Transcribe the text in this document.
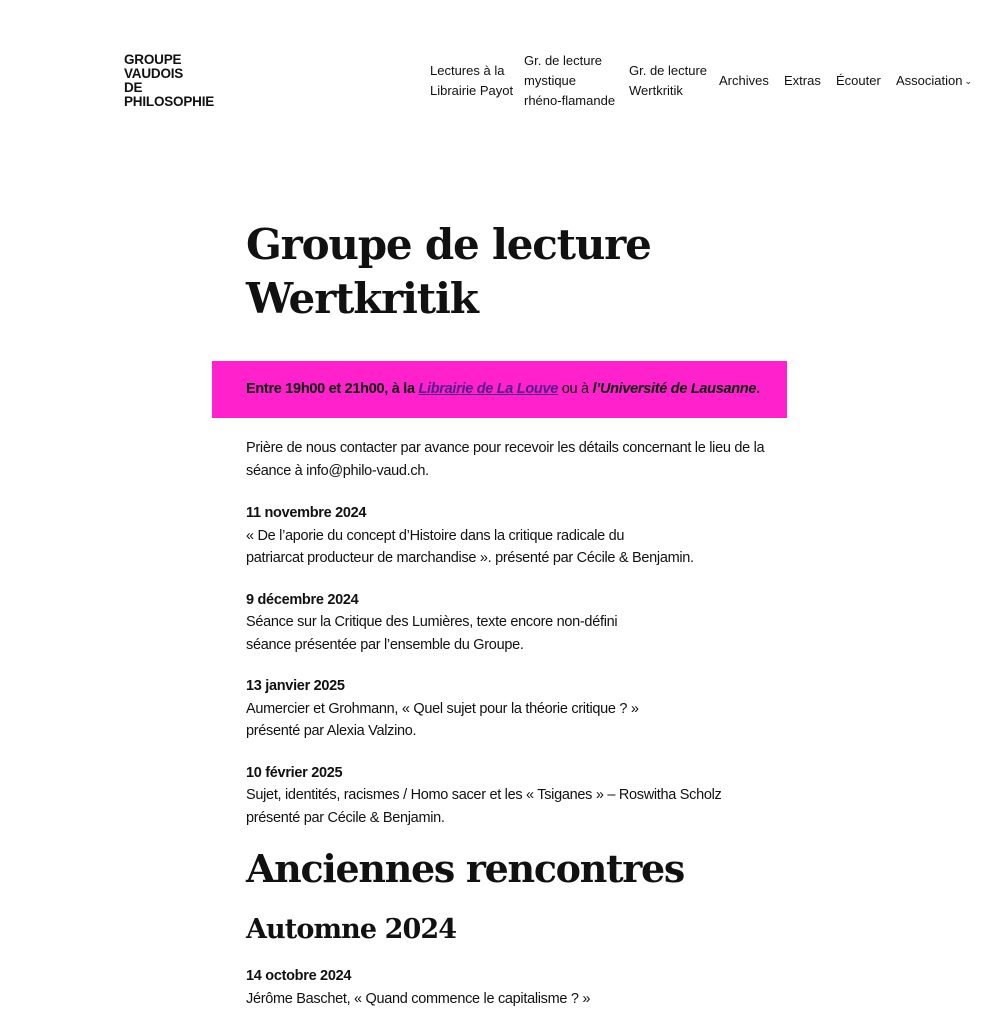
GROUPE
VAUDOIS
DE
PHILOSOPHIE
Lectures à la
Librairie Payot
Gr. de lecture
mystique
rhéno-flamande
Gr. de lecture
Wertkritik
Archives Extras Écouter Association ⌄
Groupe de lecture
Wertkritik
Entre 19h00 et 21h00, à la Librairie de La Louve ou à l’Université de Lausanne.

Prière de nous contacter par avance pour recevoir les détails concernant le lieu de la séance à info@philo-vaud.ch.

11 novembre 2024
« De l’aporie du concept d’Histoire dans la critique radicale du
patriarcat producteur de marchandise ». présenté par Cécile & Benjamin.
9 décembre 2024
Séance sur la Critique des Lumières, texte encore non-défini
séance présentée par l’ensemble du Groupe.
13 janvier 2025
Aumercier et Grohmann, « Quel sujet pour la théorie critique ? »
présenté par Alexia Valzino.
10 février 2025
Sujet, identités, racismes / Homo sacer et les « Tsiganes » – Roswitha Scholz
présenté par Cécile & Benjamin.
Anciennes rencontres
Automne 2024
14 octobre 2024
Jérôme Baschet, « Quand commence le capitalisme ? »
